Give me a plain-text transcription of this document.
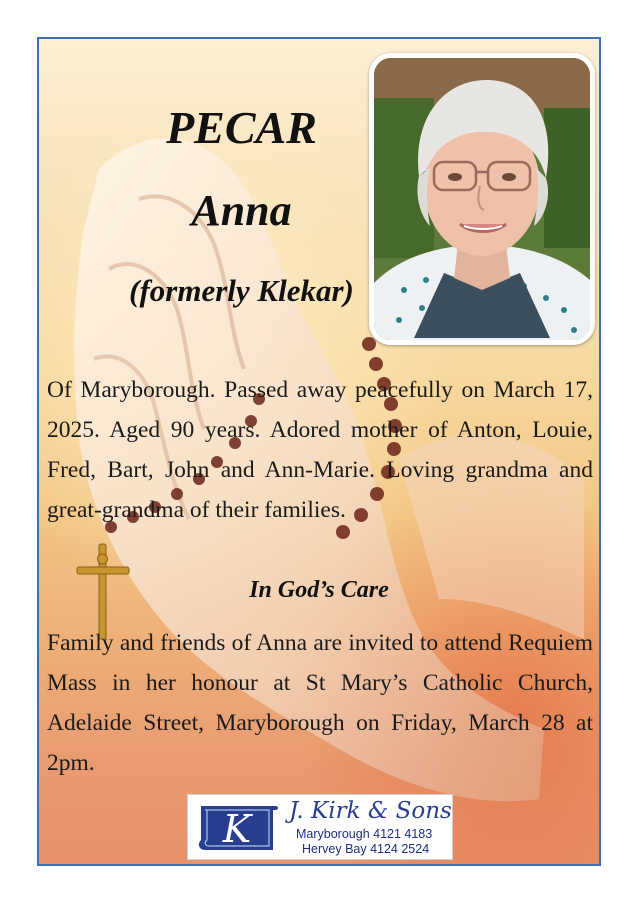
PECAR
Anna
(formerly Klekar)

Of Maryborough. Passed away peacefully on March 17, 2025. Aged 90 years. Adored mother of Anton, Louie, Fred, Bart, John and Ann-Marie. Loving grandma and great-grandma of their families.

In God’s Care

Family and friends of Anna are invited to attend Requiem Mass in her honour at St Mary’s Catholic Church, Adelaide Street, Maryborough on Friday, March 28 at 2pm.

K J. Kirk & Sons
Maryborough 4121 4183
Hervey Bay 4124 2524
